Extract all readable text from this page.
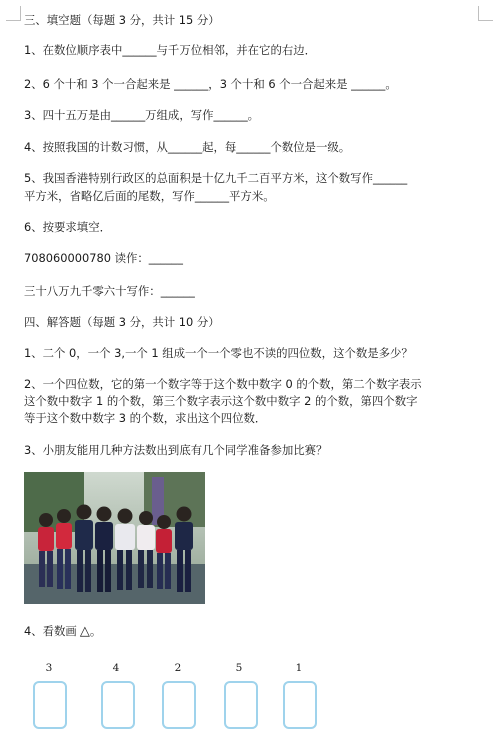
三、填空题（每题 3 分，共计 15 分）
1、在数位顺序表中______与千万位相邻，并在它的右边．
2、6 个十和 3 个一合起来是 ______，3 个十和 6 个一合起来是 ______。
3、四十五万是由______万组成，写作______。
4、按照我国的计数习惯，从______起，每______个数位是一级。
5、我国香港特别行政区的总面积是十亿九千二百平方米，这个数写作______
平方米，省略亿后面的尾数，写作______平方米。
6、按要求填空．
708060000780 读作：______
三十八万九千零六十写作：______
四、解答题（每题 3 分，共计 10 分）
1、二个 0，一个 3,一个 1 组成一个一个零也不读的四位数，这个数是多少？
2、一个四位数，它的第一个数字等于这个数中数字 0 的个数，第二个数字表示
这个数中数字 1 的个数，第三个数字表示这个数中数字 2 的个数，第四个数字
等于这个数中数字 3 的个数，求出这个四位数．
3、小朋友能用几种方法数出到底有几个同学准备参加比赛？
4、看数画 △。
3	4	2	5	1
